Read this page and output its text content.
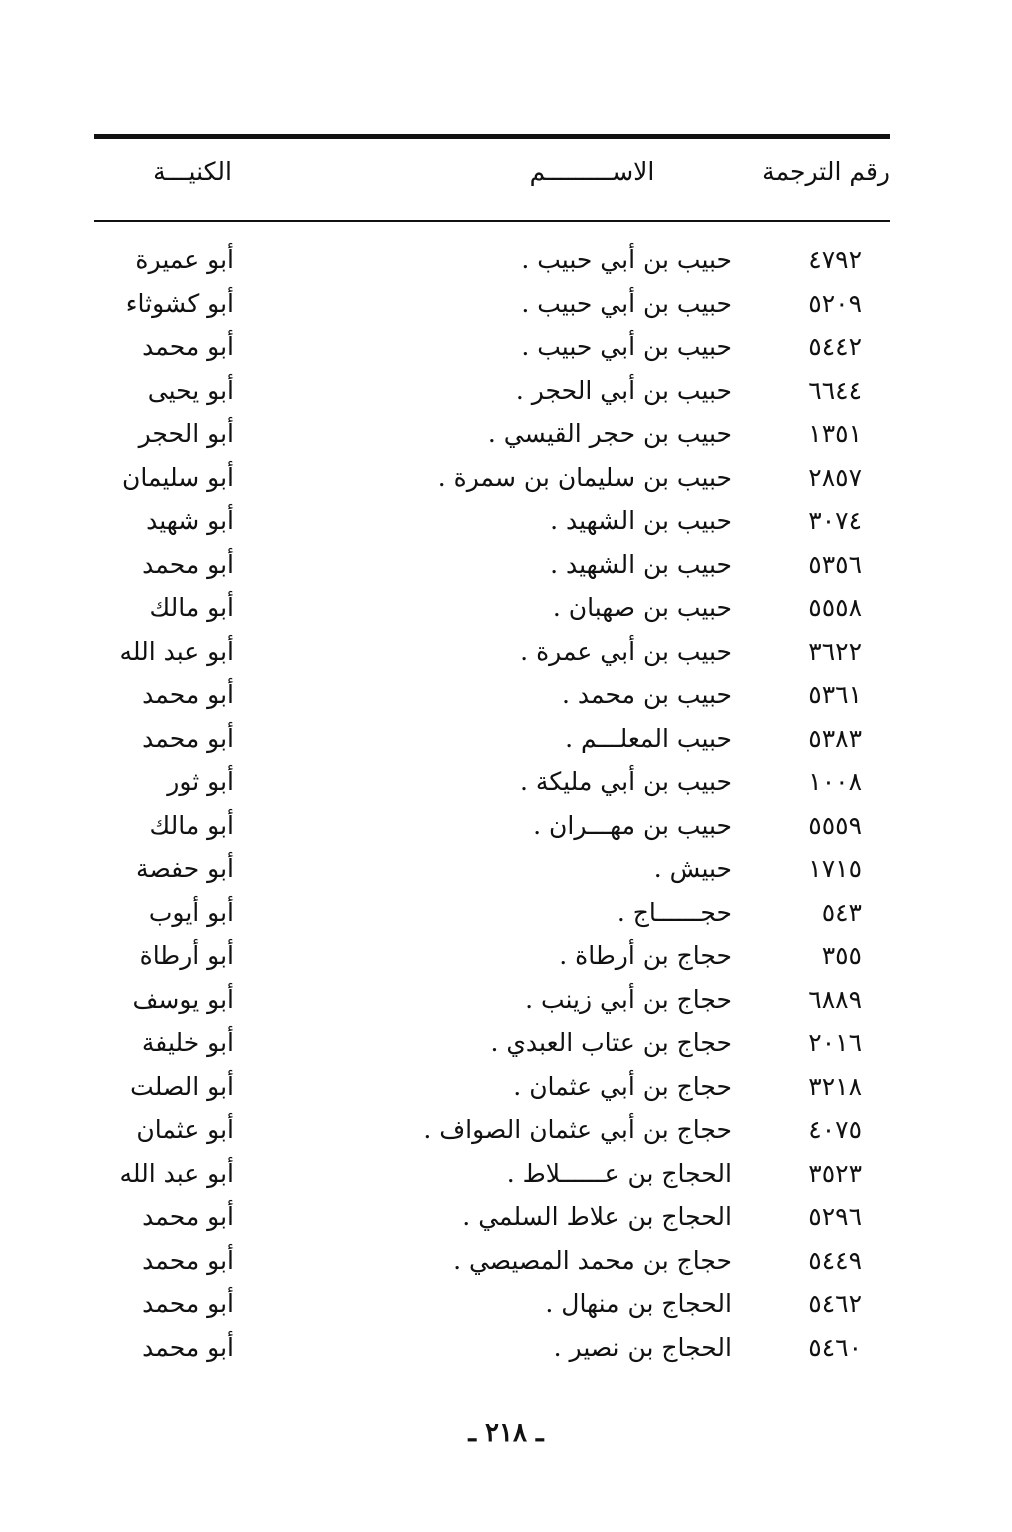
رقم الترجمة
الاســـــــــم
الكنيـــة
٤٧٩٢
حبيب بن أبي حبيب .
أبو عميرة
٥٢٠٩
حبيب بن أبي حبيب .
أبو كشوثاء
٥٤٤٢
حبيب بن أبي حبيب .
أبو محمد
٦٦٤٤
حبيب بن أبي الحجر .
أبو يحيى
١٣٥١
حبيب بن حجر القيسي .
أبو الحجر
٢٨٥٧
حبيب بن سليمان بن سمرة .
أبو سليمان
٣٠٧٤
حبيب بن الشهيد .
أبو شهيد
٥٣٥٦
حبيب بن الشهيد .
أبو محمد
٥٥٥٨
حبيب بن صهبان .
أبو مالك
٣٦٢٢
حبيب بن أبي عمرة .
أبو عبد الله
٥٣٦١
حبيب بن محمد .
أبو محمد
٥٣٨٣
حبيب المعلـــم .
أبو محمد
١٠٠٨
حبيب بن أبي مليكة .
أبو ثور
٥٥٥٩
حبيب بن مهـــران .
أبو مالك
١٧١٥
حبيش .
أبو حفصة
٥٤٣
حجــــــاج .
أبو أيوب
٣٥٥
حجاج بن أرطاة .
أبو أرطاة
٦٨٨٩
حجاج بن أبي زينب .
أبو يوسف
٢٠١٦
حجاج بن عتاب العبدي .
أبو خليفة
٣٢١٨
حجاج بن أبي عثمان .
أبو الصلت
٤٠٧٥
حجاج بن أبي عثمان الصواف .
أبو عثمان
٣٥٢٣
الحجاج بن عــــــلاط .
أبو عبد الله
٥٢٩٦
الحجاج بن علاط السلمي .
أبو محمد
٥٤٤٩
حجاج بن محمد المصيصي .
أبو محمد
٥٤٦٢
الحجاج بن منهال .
أبو محمد
٥٤٦٠
الحجاج بن نصير .
أبو محمد
ـ ٢١٨ ـ
